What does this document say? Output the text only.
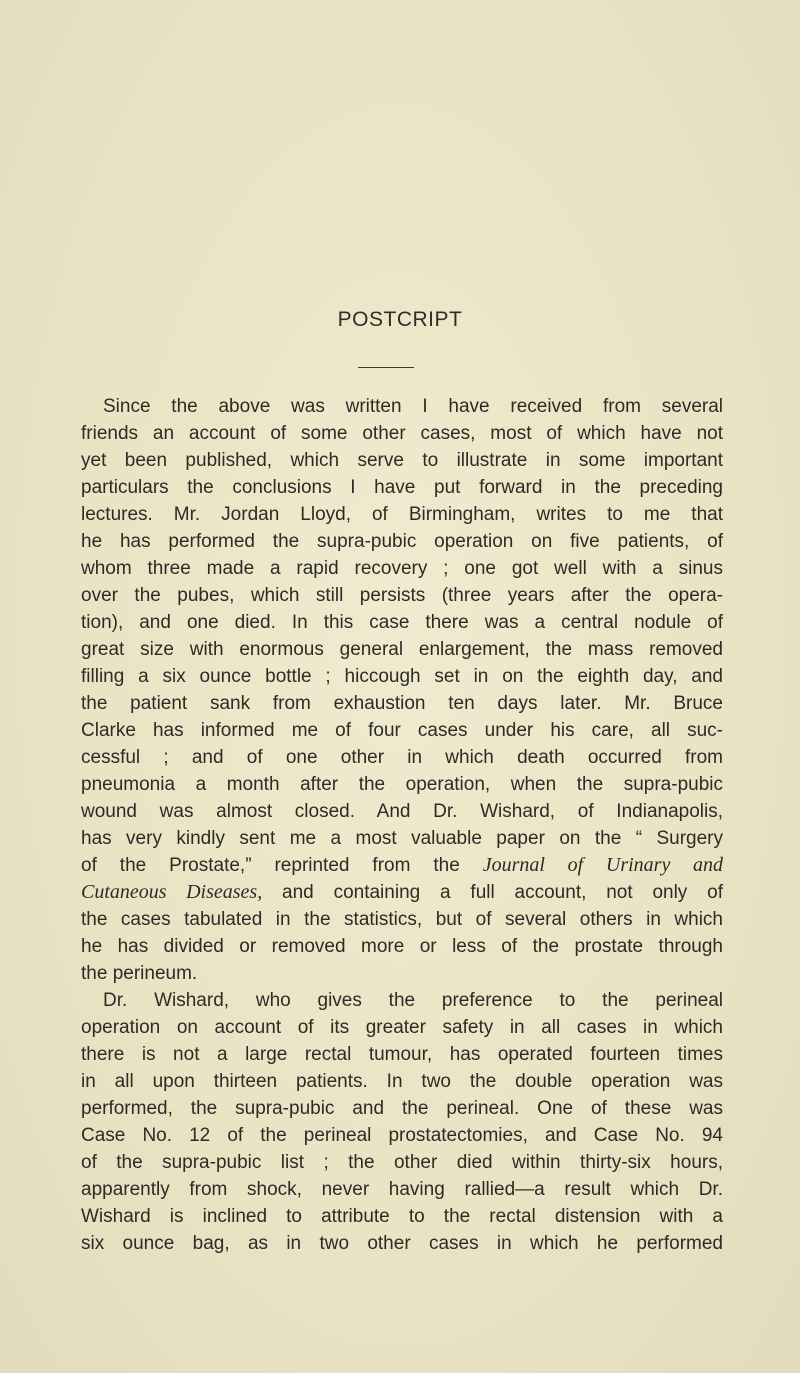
POSTCRIPT
Since the above was written I have received from several
friends an account of some other cases, most of which have not
yet been published, which serve to illustrate in some important
particulars the conclusions I have put forward in the preceding
lectures. Mr. Jordan Lloyd, of Birmingham, writes to me that
he has performed the supra-pubic operation on five patients, of
whom three made a rapid recovery ; one got well with a sinus
over the pubes, which still persists (three years after the opera-
tion), and one died. In this case there was a central nodule of
great size with enormous general enlargement, the mass removed
filling a six ounce bottle ; hiccough set in on the eighth day, and
the patient sank from exhaustion ten days later. Mr. Bruce
Clarke has informed me of four cases under his care, all suc-
cessful ; and of one other in which death occurred from
pneumonia a month after the operation, when the supra-pubic
wound was almost closed. And Dr. Wishard, of Indianapolis,
has very kindly sent me a most valuable paper on the “ Surgery
of the Prostate,” reprinted from the Journal of Urinary and
Cutaneous Diseases, and containing a full account, not only of
the cases tabulated in the statistics, but of several others in which
he has divided or removed more or less of the prostate through
the perineum.
Dr. Wishard, who gives the preference to the perineal
operation on account of its greater safety in all cases in which
there is not a large rectal tumour, has operated fourteen times
in all upon thirteen patients. In two the double operation was
performed, the supra-pubic and the perineal. One of these was
Case No. 12 of the perineal prostatectomies, and Case No. 94
of the supra-pubic list ; the other died within thirty-six hours,
apparently from shock, never having rallied—a result which Dr.
Wishard is inclined to attribute to the rectal distension with a
six ounce bag, as in two other cases in which he performed
